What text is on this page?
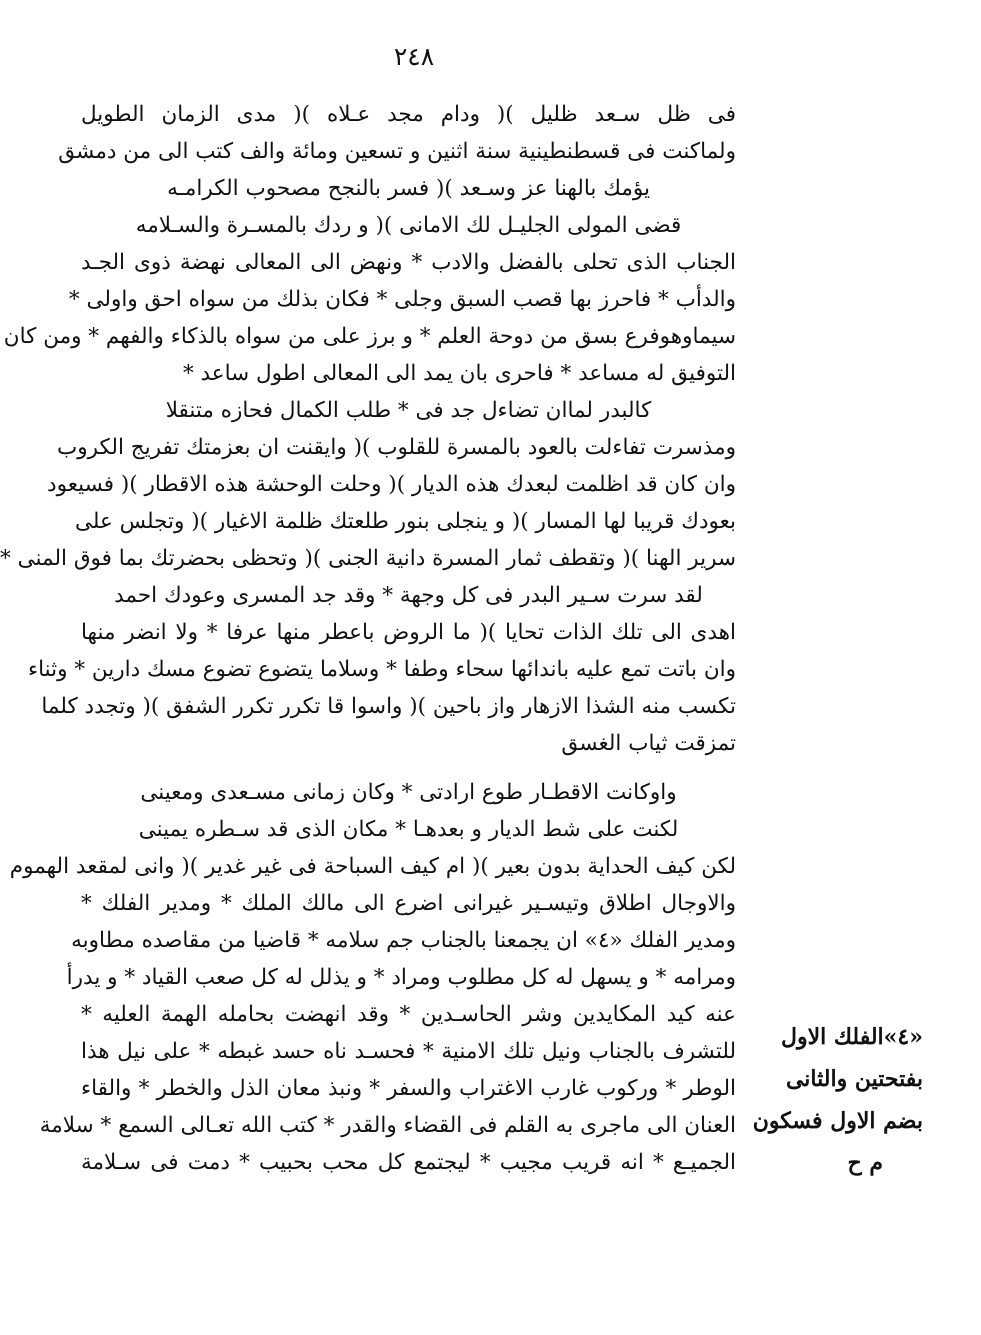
٢٤٨
فى ظل سـعد ظليل )( ودام مجد عـلاه )( مدى الزمان الطويل
ولماكنت فى قسطنطينية سنة اثنين و تسعين ومائة والف كتب الى من دمشق
يؤمك بالهنا عز وسـعد )( فسر بالنجح مصحوب الكرامـه
قضى المولى الجليـل لك الامانى )( و ردك بالمسـرة والسـلامه
الجناب الذى تحلى بالفضل والادب * ونهض الى المعالى نهضة ذوى الجـد
والدأب * فاحرز بها قصب السبق وجلى * فكان بذلك من سواه احق واولى *
سيماوهوفرع بسق من دوحة العلم * و برز على من سواه بالذكاء والفهم * ومن كان
التوفيق له مساعد * فاحرى بان يمد الى المعالى اطول ساعد *
كالبدر لماان تضاءل جد فى * طلب الكمال فحازه متنقلا
ومذسرت تفاءلت بالعود بالمسرة للقلوب )( وايقنت ان بعزمتك تفريج الكروب
وان كان قد اظلمت لبعدك هذه الديار )( وحلت الوحشة هذه الاقطار )( فسيعود
بعودك قريبا لها المسار )( و ينجلى بنور طلعتك ظلمة الاغيار )( وتجلس على
سرير الهنا )( وتقطف ثمار المسرة دانية الجنى )( وتحظى بحضرتك بما فوق المنى *
لقد سرت سـير البدر فى كل وجهة * وقد جد المسرى وعودك احمد
اهدى الى تلك الذات تحايا )( ما الروض باعطر منها عرفا * ولا انضر منها
وان باتت تمع عليه باندائها سحاء وطفا * وسلاما يتضوع تضوع مسك دارين * وثناء
تكسب منه الشذا الازهار واز باحين )( واسوا قا تكرر تكرر الشفق )( وتجدد كلما
تمزقت ثياب الغسق
واوكانت الاقطـار طوع ارادتى * وكان زمانى مسـعدى ومعينى
لكنت على شط الديار و بعدهـا * مكان الذى قد سـطره يمينى
لكن كيف الحداية بدون بعير )( ام كيف السباحة فى غير غدير )( وانى لمقعد الهموم
والاوجال اطلاق وتيسـير غيرانى اضرع الى مالك الملك * ومدير الفلك *
ومدير الفلك «٤» ان يجمعنا بالجناب جم سلامه * قاضيا من مقاصده مطاوبه
ومرامه * و يسهل له كل مطلوب ومراد * و يذلل له كل صعب القياد * و يدرأ
عنه كيد المكايدين وشر الحاسـدين * وقد انهضت بحامله الهمة العليه *
للتشرف بالجناب ونيل تلك الامنية * فحسـد ناه حسد غبطه * على نيل هذا
الوطر * وركوب غارب الاغتراب والسفر * ونبذ معان الذل والخطر * والقاء
العنان الى ماجرى به القلم فى القضاء والقدر * كتب الله تعـالى السمع * سلامة
الجميـع * انه قريب مجيب * ليجتمع كل محب بحبيب * دمت فى سـلامة
«٤»الفلك الاول
بفتحتين والثانى
بضم الاول فسكون
م ح
